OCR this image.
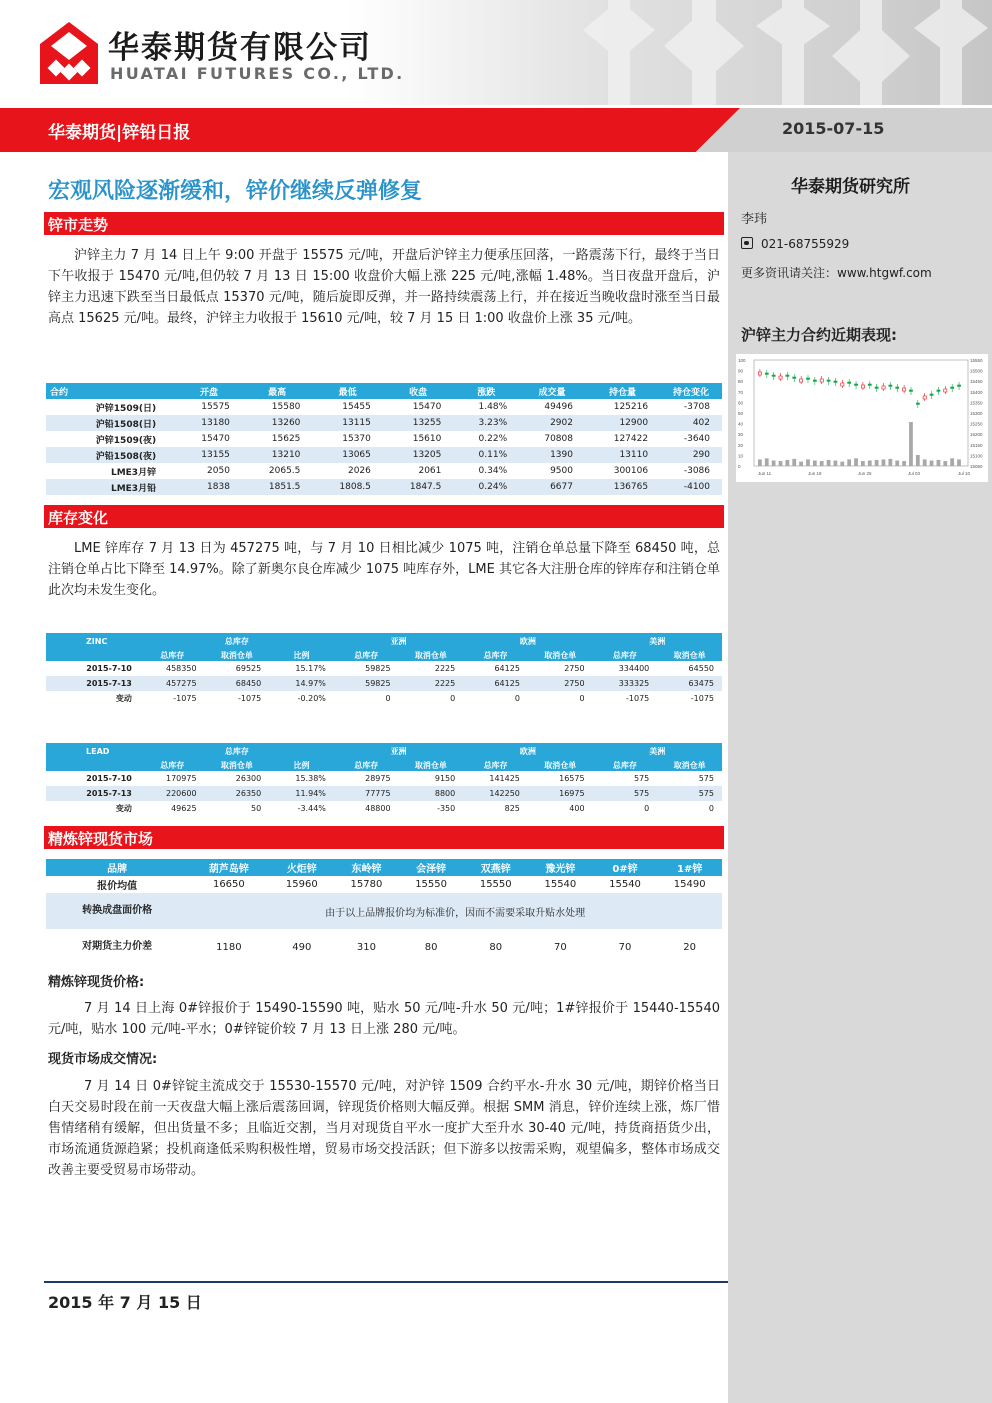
华泰期货有限公司
HUATAI FUTURES CO., LTD.
华泰期货|锌铅日报	2015-07-15
华泰期货研究所
李玮
021-68755929
更多资讯请关注：www.htgwf.com
沪锌主力合约近期表现:
100
90
80
70
60
50
40
30
20
10
0
15550
15500
15450
15400
15350
15300
15250
15200
15150
15100
15050
Jun 11	Jun 18	Jun 25	Jul 03	Jul 10
宏观风险逐渐缓和，锌价继续反弹修复
锌市走势
沪锌主力 7 月 14 日上午 9:00 开盘于 15575 元/吨，开盘后沪锌主力便承压回落，一路震荡下行，最终于当日下午收报于 15470 元/吨,但仍较 7 月 13 日 15:00 收盘价大幅上涨 225 元/吨,涨幅 1.48%。当日夜盘开盘后，沪锌主力迅速下跌至当日最低点 15370 元/吨，随后旋即反弹，并一路持续震荡上行，并在接近当晚收盘时涨至当日最高点 15625 元/吨。最终，沪锌主力收报于 15610 元/吨，较 7 月 15 日 1:00 收盘价上涨 35 元/吨。
合约	开盘	最高	最低	收盘	涨跌	成交量	持仓量	持仓变化
沪锌1509(日)	15575	15580	15455	15470	1.48%	49496	125216	-3708
沪铅1508(日)	13180	13260	13115	13255	3.23%	2902	12900	402
沪锌1509(夜)	15470	15625	15370	15610	0.22%	70808	127422	-3640
沪铅1508(夜)	13155	13210	13065	13205	0.11%	1390	13110	290
LME3月锌	2050	2065.5	2026	2061	0.34%	9500	300106	-3086
LME3月铅	1838	1851.5	1808.5	1847.5	0.24%	6677	136765	-4100
库存变化
LME 锌库存 7 月 13 日为 457275 吨，与 7 月 10 日相比减少 1075 吨，注销仓单总量下降至 68450 吨，总注销仓单占比下降至 14.97%。除了新奥尔良仓库减少 1075 吨库存外，LME 其它各大注册仓库的锌库存和注销仓单此次均未发生变化。
ZINC	总库存			亚洲		欧洲		美洲	
	总库存	取消仓单	比例	总库存	取消仓单	总库存	取消仓单	总库存	取消仓单
2015-7-10	458350	69525	15.17%	59825	2225	64125	2750	334400	64550
2015-7-13	457275	68450	14.97%	59825	2225	64125	2750	333325	63475
变动	-1075	-1075	-0.20%	0	0	0	0	-1075	-1075
LEAD	总库存			亚洲		欧洲		美洲	
	总库存	取消仓单	比例	总库存	取消仓单	总库存	取消仓单	总库存	取消仓单
2015-7-10	170975	26300	15.38%	28975	9150	141425	16575	575	575
2015-7-13	220600	26350	11.94%	77775	8800	142250	16975	575	575
变动	49625	50	-3.44%	48800	-350	825	400	0	0
精炼锌现货市场
品牌	葫芦岛锌	火炬锌	东岭锌	会泽锌	双燕锌	豫光锌	0#锌	1#锌
报价均值	16650	15960	15780	15550	15550	15540	15540	15490
转换成盘面价格	由于以上品牌报价均为标准价，因而不需要采取升贴水处理							
对期货主力价差	1180	490	310	80	80	70	70	20
精炼锌现货价格:
7 月 14 日上海 0#锌报价于 15490-15590 吨，贴水 50 元/吨-升水 50 元/吨；1#锌报价于 15440-15540 元/吨，贴水 100 元/吨-平水；0#锌锭价较 7 月 13 日上涨 280 元/吨。
现货市场成交情况:
7 月 14 日 0#锌锭主流成交于 15530-15570 元/吨，对沪锌 1509 合约平水-升水 30 元/吨，期锌价格当日白天交易时段在前一天夜盘大幅上涨后震荡回调，锌现货价格则大幅反弹。根据 SMM 消息，锌价连续上涨，炼厂惜售情绪稍有缓解，但出货量不多；且临近交割，当月对现货自平水一度扩大至升水 30-40 元/吨，持货商捂货少出，市场流通货源趋紧；投机商逢低采购积极性增，贸易市场交投活跃；但下游多以按需采购，观望偏多，整体市场成交改善主要受贸易市场带动。
2015 年 7 月 15 日
